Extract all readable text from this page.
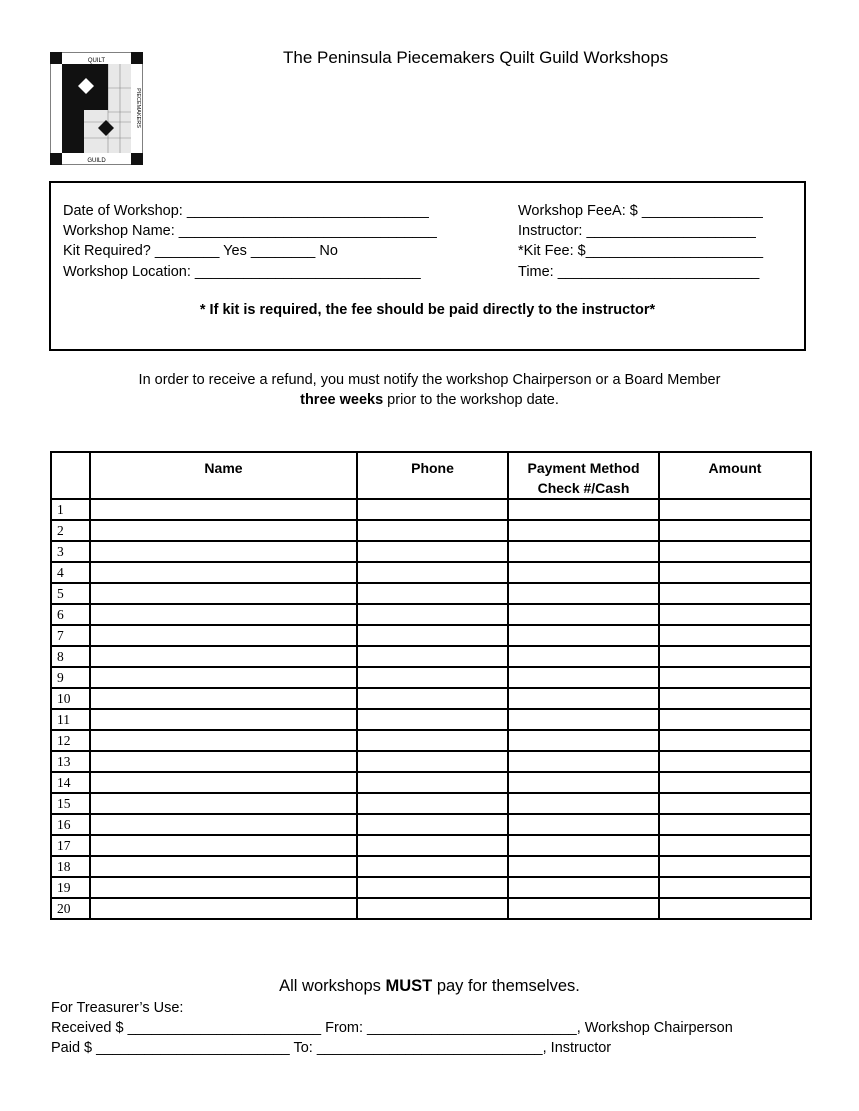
QUILT
GUILD
PENINSULA	PIECEMAKERS
The Peninsula Piecemakers Quilt Guild Workshops
Date of Workshop: ______________________________
Workshop Name: ________________________________
Kit Required? ________ Yes ________ No
Workshop Location: ____________________________
Workshop FeeA: $ _______________
Instructor: _____________________
*Kit Fee: $______________________
Time: _________________________
* If kit is required, the fee should be paid directly to the instructor*
In order to receive a refund, you must notify the workshop Chairperson or a Board Member
three weeks prior to the workshop date.
	Name	Phone	Payment Method
Check #/Cash	Amount
1				
2				
3				
4				
5				
6				
7				
8				
9				
10				
11				
12				
13				
14				
15				
16				
17				
18				
19				
20				
All workshops MUST pay for themselves.
For Treasurer’s Use:
Received $ ________________________ From: __________________________, Workshop Chairperson
Paid $ ________________________ To: ____________________________, Instructor
